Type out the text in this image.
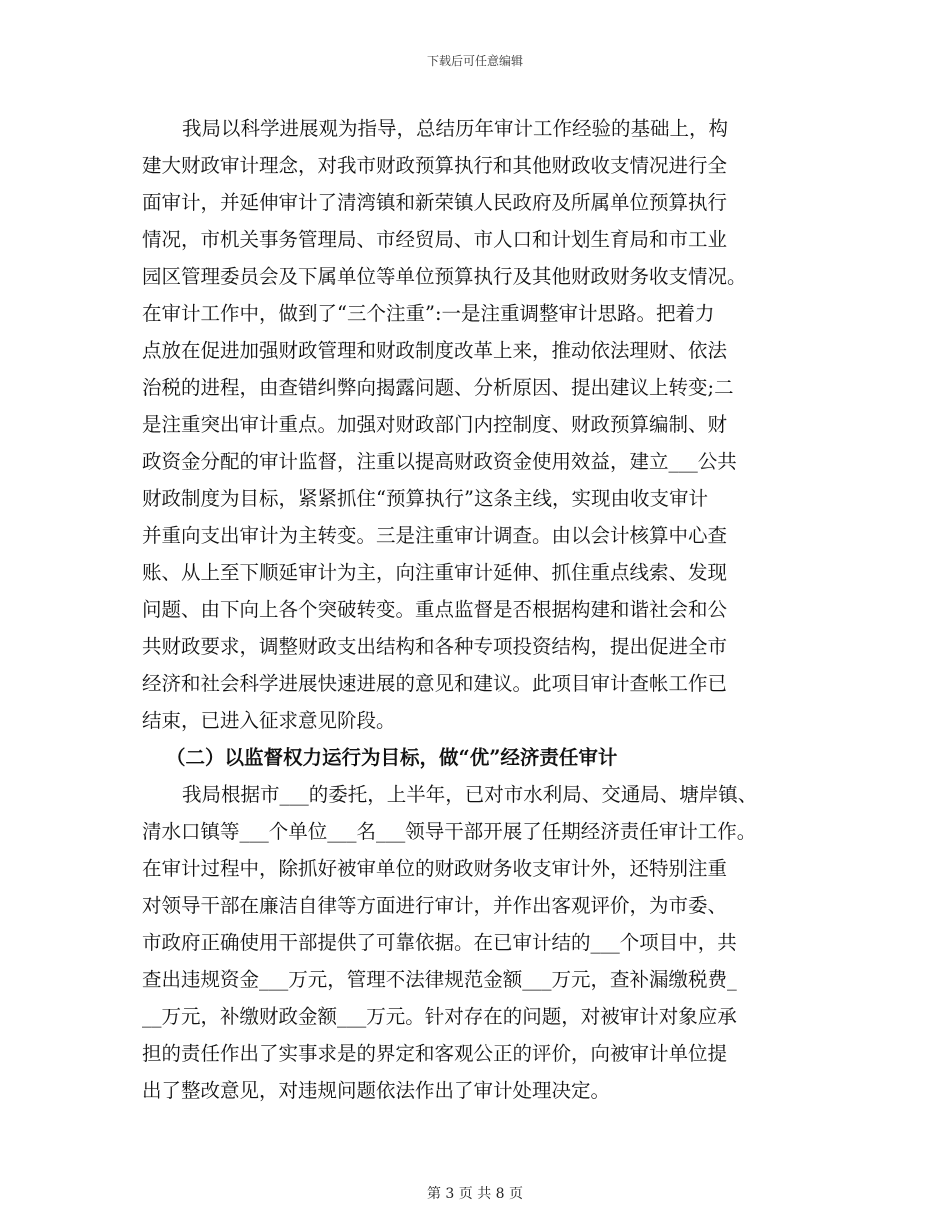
下载后可任意编辑
我局以科学进展观为指导，总结历年审计工作经验的基础上，构
建大财政审计理念，对我市财政预算执行和其他财政收支情况进行全
面审计，并延伸审计了清湾镇和新荣镇人民政府及所属单位预算执行
情况，市机关事务管理局、市经贸局、市人口和计划生育局和市工业
园区管理委员会及下属单位等单位预算执行及其他财政财务收支情况。
在审计工作中，做到了“三个注重”:一是注重调整审计思路。把着力
点放在促进加强财政管理和财政制度改革上来，推动依法理财、依法
治税的进程，由查错纠弊向揭露问题、分析原因、提出建议上转变;二
是注重突出审计重点。加强对财政部门内控制度、财政预算编制、财
政资金分配的审计监督，注重以提高财政资金使用效益，建立___公共
财政制度为目标，紧紧抓住“预算执行”这条主线，实现由收支审计
并重向支出审计为主转变。三是注重审计调查。由以会计核算中心查
账、从上至下顺延审计为主，向注重审计延伸、抓住重点线索、发现
问题、由下向上各个突破转变。重点监督是否根据构建和谐社会和公
共财政要求，调整财政支出结构和各种专项投资结构，提出促进全市
经济和社会科学进展快速进展的意见和建议。此项目审计查帐工作已
结束，已进入征求意见阶段。
（二）以监督权力运行为目标，做“优”经济责任审计
我局根据市___的委托，上半年，已对市水利局、交通局、塘岸镇、
清水口镇等___个单位___名___领导干部开展了任期经济责任审计工作。
在审计过程中，除抓好被审单位的财政财务收支审计外，还特别注重
对领导干部在廉洁自律等方面进行审计，并作出客观评价，为市委、
市政府正确使用干部提供了可靠依据。在已审计结的___个项目中，共
查出违规资金___万元，管理不法律规范金额___万元，查补漏缴税费_
__万元，补缴财政金额___万元。针对存在的问题，对被审计对象应承
担的责任作出了实事求是的界定和客观公正的评价，向被审计单位提
出了整改意见，对违规问题依法作出了审计处理决定。
第 3 页 共 8 页
